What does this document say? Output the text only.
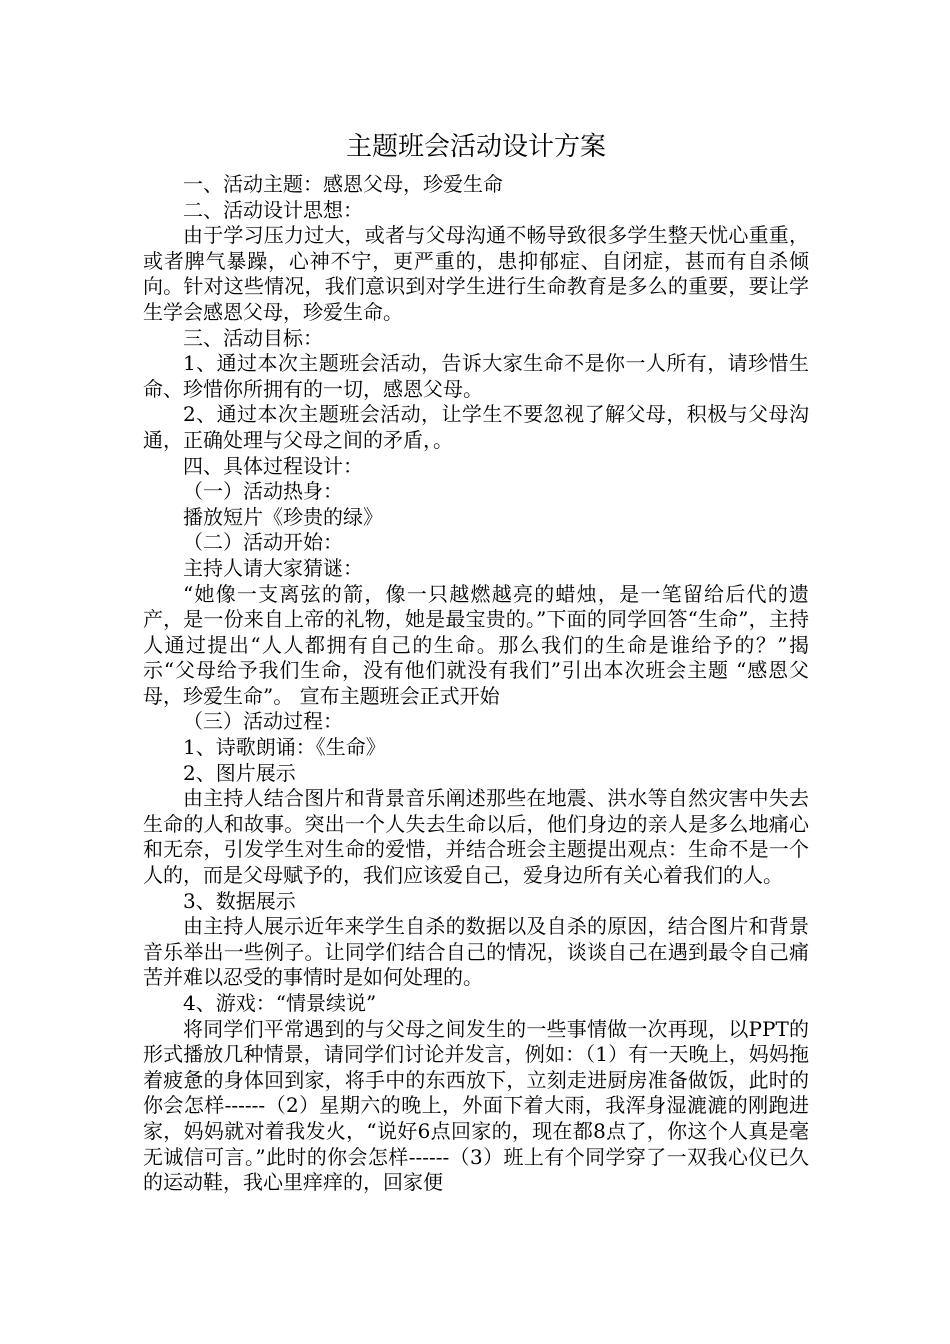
主题班会活动设计方案

一、活动主题：感恩父母，珍爱生命

二、活动设计思想：

由于学习压力过大，或者与父母沟通不畅导致很多学生整天忧心重重，或者脾气暴躁，心神不宁，更严重的，患抑郁症、自闭症，甚而有自杀倾向。针对这些情况，我们意识到对学生进行生命教育是多么的重要，要让学生学会感恩父母，珍爱生命。

三、活动目标：

1、通过本次主题班会活动，告诉大家生命不是你一人所有，请珍惜生命、珍惜你所拥有的一切，感恩父母。

2、通过本次主题班会活动，让学生不要忽视了解父母，积极与父母沟通，正确处理与父母之间的矛盾，。

四、具体过程设计：

（一）活动热身：

播放短片《珍贵的绿》

（二）活动开始：

主持人请大家猜谜：

“她像一支离弦的箭，像一只越燃越亮的蜡烛，是一笔留给后代的遗产，是一份来自上帝的礼物，她是最宝贵的。”下面的同学回答“生命”，主持人通过提出“人人都拥有自己的生命。那么我们的生命是谁给予的？”揭示“父母给予我们生命，没有他们就没有我们”引出本次班会主题 “感恩父母，珍爱生命”。 宣布主题班会正式开始

（三）活动过程：

1、诗歌朗诵：《生命》

2、图片展示

由主持人结合图片和背景音乐阐述那些在地震、洪水等自然灾害中失去生命的人和故事。突出一个人失去生命以后，他们身边的亲人是多么地痛心和无奈，引发学生对生命的爱惜，并结合班会主题提出观点：生命不是一个人的，而是父母赋予的，我们应该爱自己，爱身边所有关心着我们的人。

3、数据展示

由主持人展示近年来学生自杀的数据以及自杀的原因，结合图片和背景音乐举出一些例子。让同学们结合自己的情况，谈谈自己在遇到最令自己痛苦并难以忍受的事情时是如何处理的。

4、游戏：“情景续说”

将同学们平常遇到的与父母之间发生的一些事情做一次再现，以PPT的形式播放几种情景，请同学们讨论并发言，例如：（1）有一天晚上，妈妈拖着疲惫的身体回到家，将手中的东西放下，立刻走进厨房准备做饭，此时的你会怎样------（2）星期六的晚上，外面下着大雨，我浑身湿漉漉的刚跑进家，妈妈就对着我发火，“说好6点回家的，现在都8点了，你这个人真是毫无诚信可言。”此时的你会怎样------（3）班上有个同学穿了一双我心仪已久的运动鞋，我心里痒痒的，回家便
